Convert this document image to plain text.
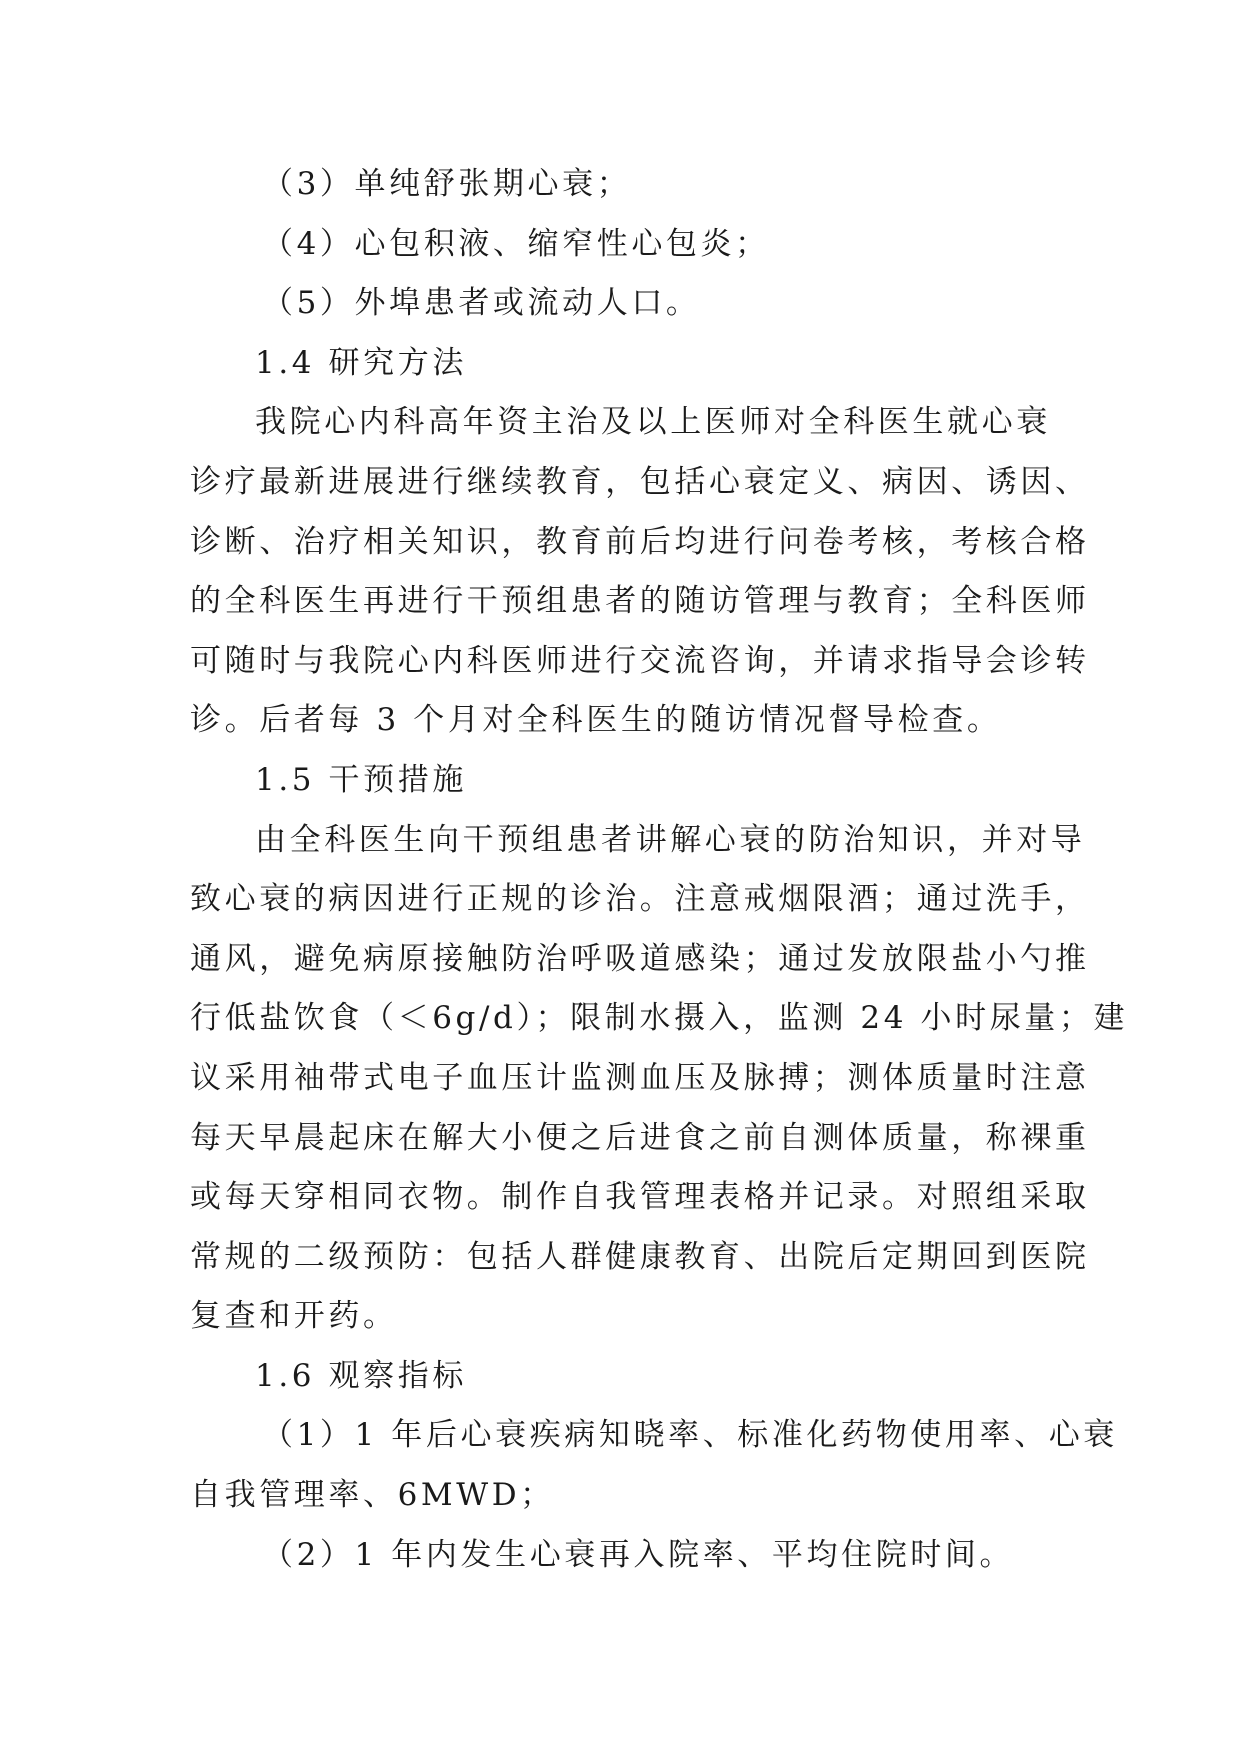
（3）单纯舒张期心衰；
（4）心包积液、缩窄性心包炎；
（5）外埠患者或流动人口。
1.4 研究方法
我院心内科高年资主治及以上医师对全科医生就心衰
诊疗最新进展进行继续教育，包括心衰定义、病因、诱因、
诊断、治疗相关知识，教育前后均进行问卷考核，考核合格
的全科医生再进行干预组患者的随访管理与教育；全科医师
可随时与我院心内科医师进行交流咨询，并请求指导会诊转
诊。后者每 3 个月对全科医生的随访情况督导检查。
1.5 干预措施
由全科医生向干预组患者讲解心衰的防治知识，并对导
致心衰的病因进行正规的诊治。注意戒烟限酒；通过洗手，
通风，避免病原接触防治呼吸道感染；通过发放限盐小勺推
行低盐饮食（＜6g/d）；限制水摄入，监测 24 小时尿量；建
议采用袖带式电子血压计监测血压及脉搏；测体质量时注意
每天早晨起床在解大小便之后进食之前自测体质量，称裸重
或每天穿相同衣物。制作自我管理表格并记录。对照组采取
常规的二级预防：包括人群健康教育、出院后定期回到医院
复查和开药。
1.6 观察指标
（1）1 年后心衰疾病知晓率、标准化药物使用率、心衰
自我管理率、6MWD；
（2）1 年内发生心衰再入院率、平均住院时间。
